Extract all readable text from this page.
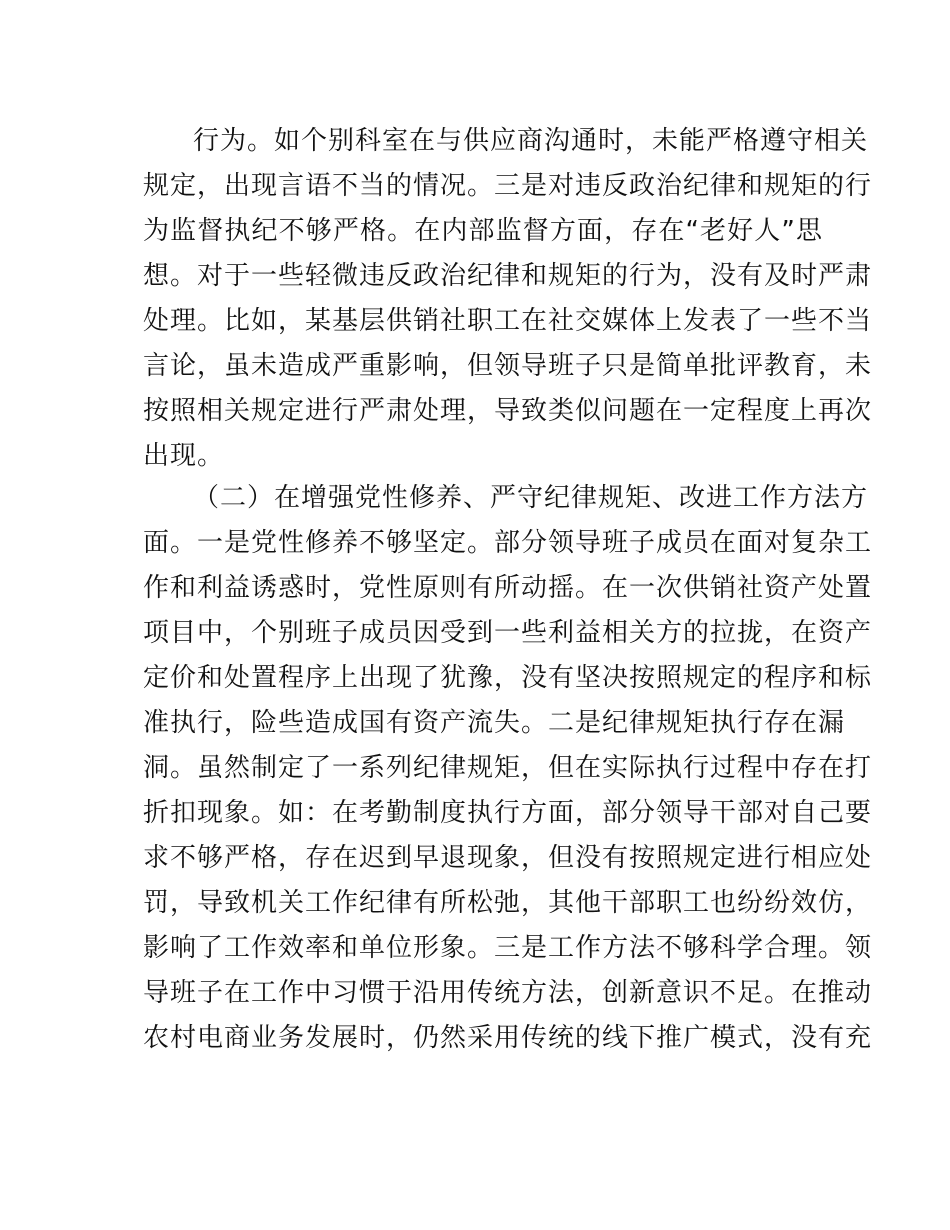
行为。如个别科室在与供应商沟通时，未能严格遵守相关
规定，出现言语不当的情况。三是对违反政治纪律和规矩的行
为监督执纪不够严格。在内部监督方面，存在“老好人”思
想。对于一些轻微违反政治纪律和规矩的行为，没有及时严肃
处理。比如，某基层供销社职工在社交媒体上发表了一些不当
言论，虽未造成严重影响，但领导班子只是简单批评教育，未
按照相关规定进行严肃处理，导致类似问题在一定程度上再次
出现。
（二）在增强党性修养、严守纪律规矩、改进工作方法方
面。一是党性修养不够坚定。部分领导班子成员在面对复杂工
作和利益诱惑时，党性原则有所动摇。在一次供销社资产处置
项目中，个别班子成员因受到一些利益相关方的拉拢，在资产
定价和处置程序上出现了犹豫，没有坚决按照规定的程序和标
准执行，险些造成国有资产流失。二是纪律规矩执行存在漏
洞。虽然制定了一系列纪律规矩，但在实际执行过程中存在打
折扣现象。如：在考勤制度执行方面，部分领导干部对自己要
求不够严格，存在迟到早退现象，但没有按照规定进行相应处
罚，导致机关工作纪律有所松弛，其他干部职工也纷纷效仿，
影响了工作效率和单位形象。三是工作方法不够科学合理。领
导班子在工作中习惯于沿用传统方法，创新意识不足。在推动
农村电商业务发展时，仍然采用传统的线下推广模式，没有充
